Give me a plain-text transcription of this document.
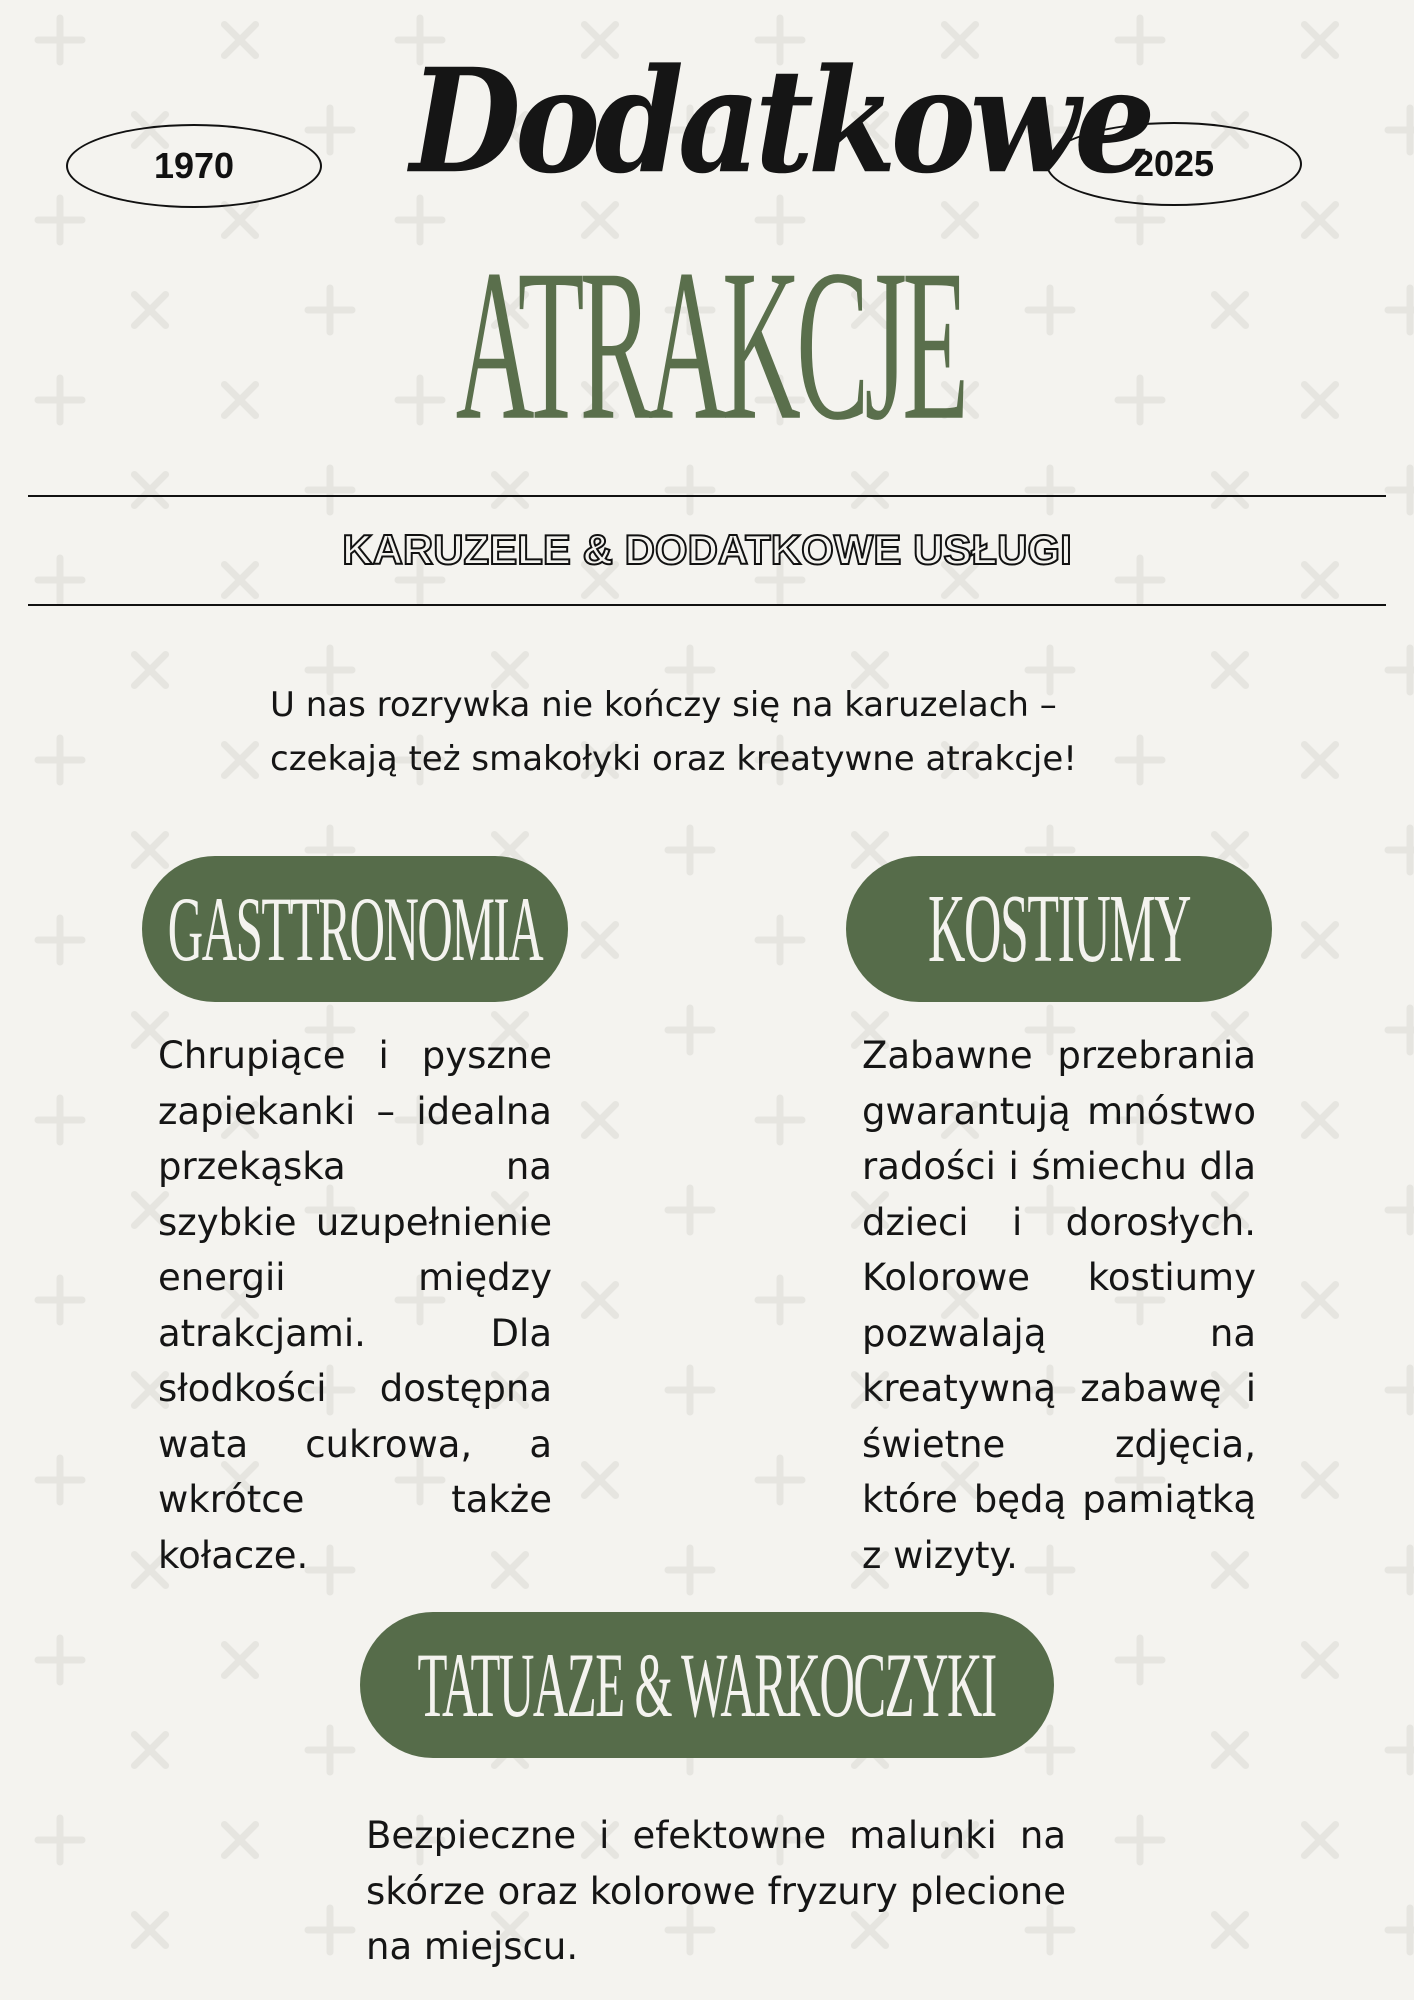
1970	2025
Dodatkowe
ATRAKCJE
KARUZELE & DODATKOWE USŁUGI
U nas rozrywka nie kończy się na karuzelach –
czekają też smakołyki oraz kreatywne atrakcje!
GASTTRONOMIA	KOSTIUMY
Chrupiące i pyszne zapiekanki – idealna przekąska na szybkie uzupełnienie energii między atrakcjami. Dla słodkości dostępna wata cukrowa, a wkrótce także kołacze.
Zabawne przebrania gwarantują mnóstwo radości i śmiechu dla dzieci i dorosłych. Kolorowe kostiumy pozwalają na kreatywną zabawę i świetne zdjęcia, które będą pamiątką z wizyty.
TATUAZE & WARKOCZYKI
Bezpieczne i efektowne malunki na skórze oraz kolorowe fryzury plecione na miejscu.
